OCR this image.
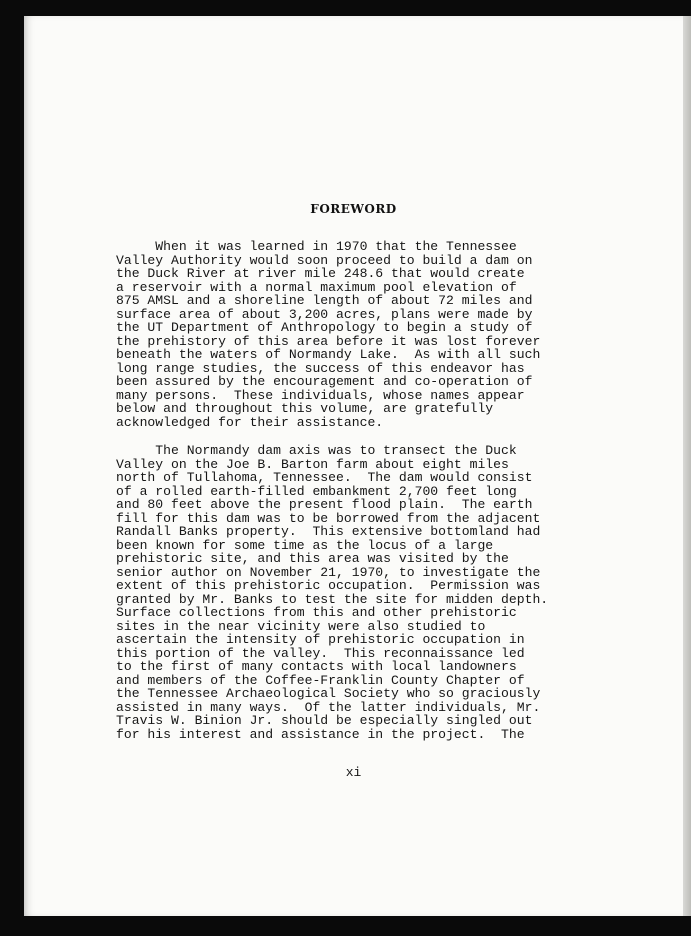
FOREWORD

When it was learned in 1970 that the Tennessee
Valley Authority would soon proceed to build a dam on
the Duck River at river mile 248.6 that would create
a reservoir with a normal maximum pool elevation of
875 AMSL and a shoreline length of about 72 miles and
surface area of about 3,200 acres, plans were made by
the UT Department of Anthropology to begin a study of
the prehistory of this area before it was lost forever
beneath the waters of Normandy Lake.  As with all such
long range studies, the success of this endeavor has
been assured by the encouragement and co-operation of
many persons.  These individuals, whose names appear
below and throughout this volume, are gratefully
acknowledged for their assistance.

The Normandy dam axis was to transect the Duck
Valley on the Joe B. Barton farm about eight miles
north of Tullahoma, Tennessee.  The dam would consist
of a rolled earth-filled embankment 2,700 feet long
and 80 feet above the present flood plain.  The earth
fill for this dam was to be borrowed from the adjacent
Randall Banks property.  This extensive bottomland had
been known for some time as the locus of a large
prehistoric site, and this area was visited by the
senior author on November 21, 1970, to investigate the
extent of this prehistoric occupation.  Permission was
granted by Mr. Banks to test the site for midden depth.
Surface collections from this and other prehistoric
sites in the near vicinity were also studied to
ascertain the intensity of prehistoric occupation in
this portion of the valley.  This reconnaissance led
to the first of many contacts with local landowners
and members of the Coffee-Franklin County Chapter of
the Tennessee Archaeological Society who so graciously
assisted in many ways.  Of the latter individuals, Mr.
Travis W. Binion Jr. should be especially singled out
for his interest and assistance in the project.  The

xi
